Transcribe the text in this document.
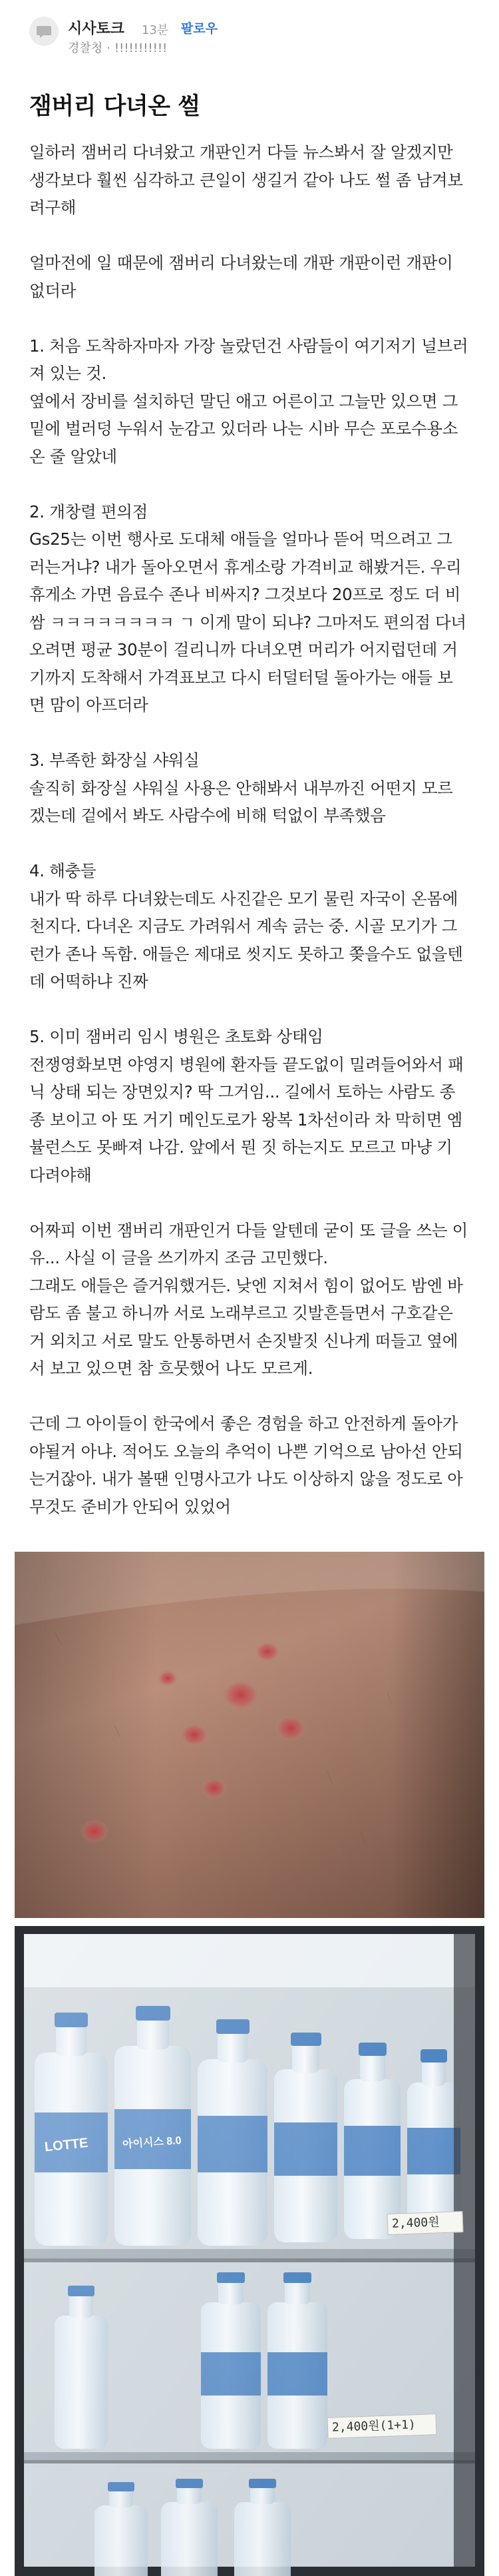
시사토크 13분 팔로우
경찰청 · !!!!!!!!!!!
잼버리 다녀온 썰

일하러 잼버리 다녀왔고 개판인거 다들 뉴스봐서 잘 알겠지만
생각보다 훨씬 심각하고 큰일이 생길거 같아 나도 썰 좀 남겨보
려구해

얼마전에 일 때문에 잼버리 다녀왔는데 개판 개판이런 개판이
없더라

1. 처음 도착하자마자 가장 놀랐던건 사람들이 여기저기 널브러
져 있는 것.
옆에서 장비를 설치하던 말딘 애고 어른이고 그늘만 있으면 그
밑에 벌러덩 누워서 눈감고 있더라 나는 시바 무슨 포로수용소
온 줄 알았네

2. 개창렬 편의점
Gs25는 이번 행사로 도대체 애들을 얼마나 뜯어 먹으려고 그
러는거냐? 내가 돌아오면서 휴게소랑 가격비교 해봤거든. 우리
휴게소 가면 음료수 존나 비싸지? 그것보다 20프로 정도 더 비
쌈 ㅋㅋㅋㅋㅋㅋㅋㅋ ㄱ 이게 말이 되냐? 그마저도 편의점 다녀
오려면 평균 30분이 걸리니까 다녀오면 머리가 어지럽던데 거
기까지 도착해서 가격표보고 다시 터덜터덜 돌아가는 애들 보
면 맘이 아프더라

3. 부족한 화장실 샤워실
솔직히 화장실 샤워실 사용은 안해봐서 내부까진 어떤지 모르
겠는데 겉에서 봐도 사람수에 비해 턱없이 부족했음

4. 해충들
내가 딱 하루 다녀왔는데도 사진같은 모기 물린 자국이 온몸에
천지다. 다녀온 지금도 가려워서 계속 긁는 중. 시골 모기가 그
런가 존나 독함. 애들은 제대로 씻지도 못하고 쫒을수도 없을텐
데 어떡하냐 진짜

5. 이미 잼버리 임시 병원은 초토화 상태임
전쟁영화보면 야영지 병원에 환자들 끝도없이 밀려들어와서 패
닉 상태 되는 장면있지? 딱 그거임... 길에서 토하는 사람도 종
종 보이고 아 또 거기 메인도로가 왕복 1차선이라 차 막히면 엠
뷸런스도 못빠져 나감. 앞에서 뭔 짓 하는지도 모르고 마냥 기
다려야해

어짜피 이번 잼버리 개판인거 다들 알텐데 굳이 또 글을 쓰는 이
유... 사실 이 글을 쓰기까지 조금 고민했다.
그래도 애들은 즐거워했거든. 낮엔 지쳐서 힘이 없어도 밤엔 바
람도 좀 불고 하니까 서로 노래부르고 깃발흔들면서 구호같은
거 외치고 서로 말도 안통하면서 손짓발짓 신나게 떠들고 옆에
서 보고 있으면 참 흐뭇했어 나도 모르게.

근데 그 아이들이 한국에서 좋은 경험을 하고 안전하게 돌아가
야될거 아냐. 적어도 오늘의 추억이 나쁜 기억으로 남아선 안되
는거잖아. 내가 볼땐 인명사고가 나도 이상하지 않을 정도로 아
무것도 준비가 안되어 있었어

LOTTE	아이시스 8.0
2,400원
2,400원(1+1)
